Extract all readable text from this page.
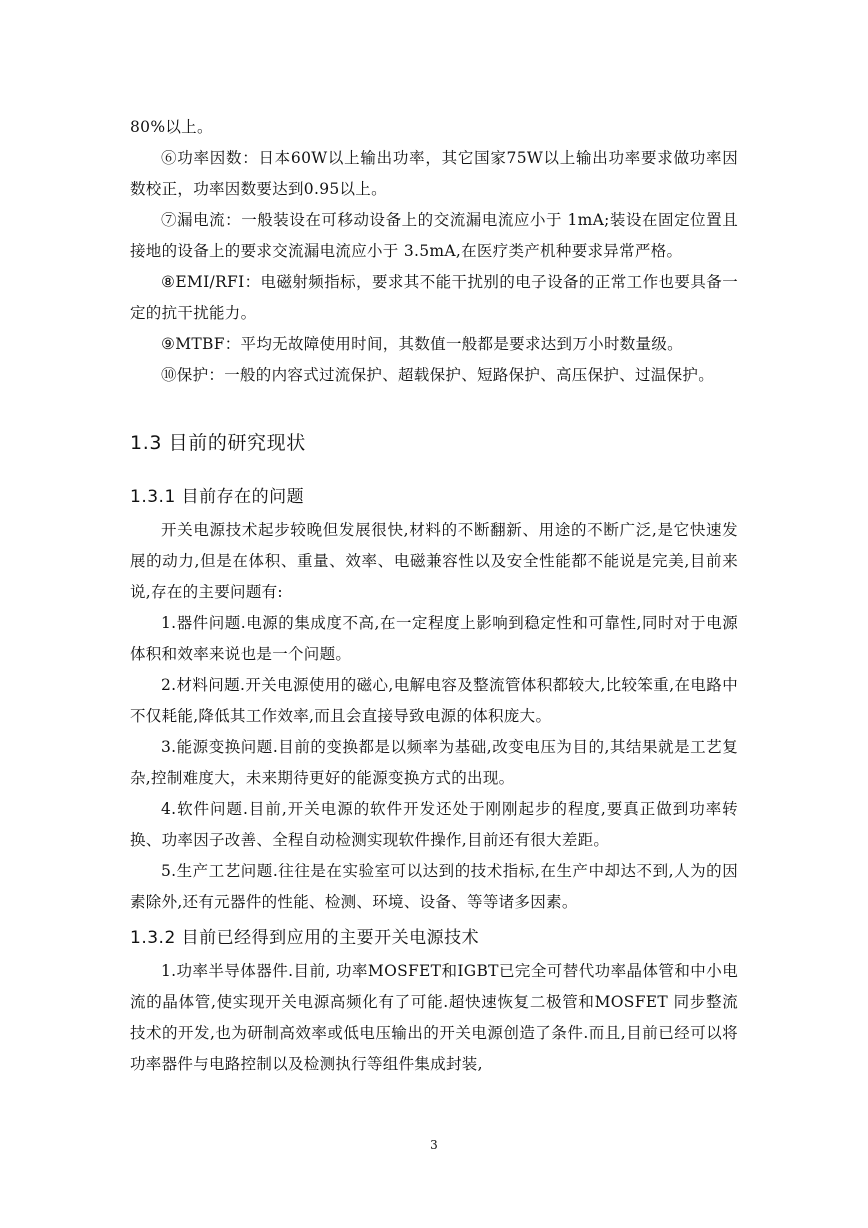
80%以上。

⑥功率因数：日本60W以上输出功率，其它国家75W以上输出功率要求做功率因数校正，功率因数要达到0.95以上。

⑦漏电流：一般装设在可移动设备上的交流漏电流应小于 1mA;装设在固定位置且接地的设备上的要求交流漏电流应小于 3.5mA,在医疗类产机种要求异常严格。

⑧EMI/RFI：电磁射频指标，要求其不能干扰别的电子设备的正常工作也要具备一定的抗干扰能力。

⑨MTBF：平均无故障使用时间，其数值一般都是要求达到万小时数量级。

⑩保护：一般的内容式过流保护、超载保护、短路保护、高压保护、过温保护。

1.3 目前的研究现状
1.3.1 目前存在的问题

开关电源技术起步较晚但发展很快,材料的不断翻新、用途的不断广泛,是它快速发展的动力,但是在体积、重量、效率、电磁兼容性以及安全性能都不能说是完美,目前来说,存在的主要问题有:

1.器件问题.电源的集成度不高,在一定程度上影响到稳定性和可靠性,同时对于电源体积和效率来说也是一个问题。

2.材料问题.开关电源使用的磁心,电解电容及整流管体积都较大,比较笨重,在电路中不仅耗能,降低其工作效率,而且会直接导致电源的体积庞大。

3.能源变换问题.目前的变换都是以频率为基础,改变电压为目的,其结果就是工艺复杂,控制难度大，未来期待更好的能源变换方式的出现。

4.软件问题.目前,开关电源的软件开发还处于刚刚起步的程度,要真正做到功率转换、功率因子改善、全程自动检测实现软件操作,目前还有很大差距。

5.生产工艺问题.往往是在实验室可以达到的技术指标,在生产中却达不到,人为的因素除外,还有元器件的性能、检测、环境、设备、等等诸多因素。

1.3.2 目前已经得到应用的主要开关电源技术

1.功率半导体器件.目前, 功率MOSFET和IGBT已完全可替代功率晶体管和中小电流的晶体管,使实现开关电源高频化有了可能.超快速恢复二极管和MOSFET 同步整流技术的开发,也为研制高效率或低电压输出的开关电源创造了条件.而且,目前已经可以将功率器件与电路控制以及检测执行等组件集成封装,

3
